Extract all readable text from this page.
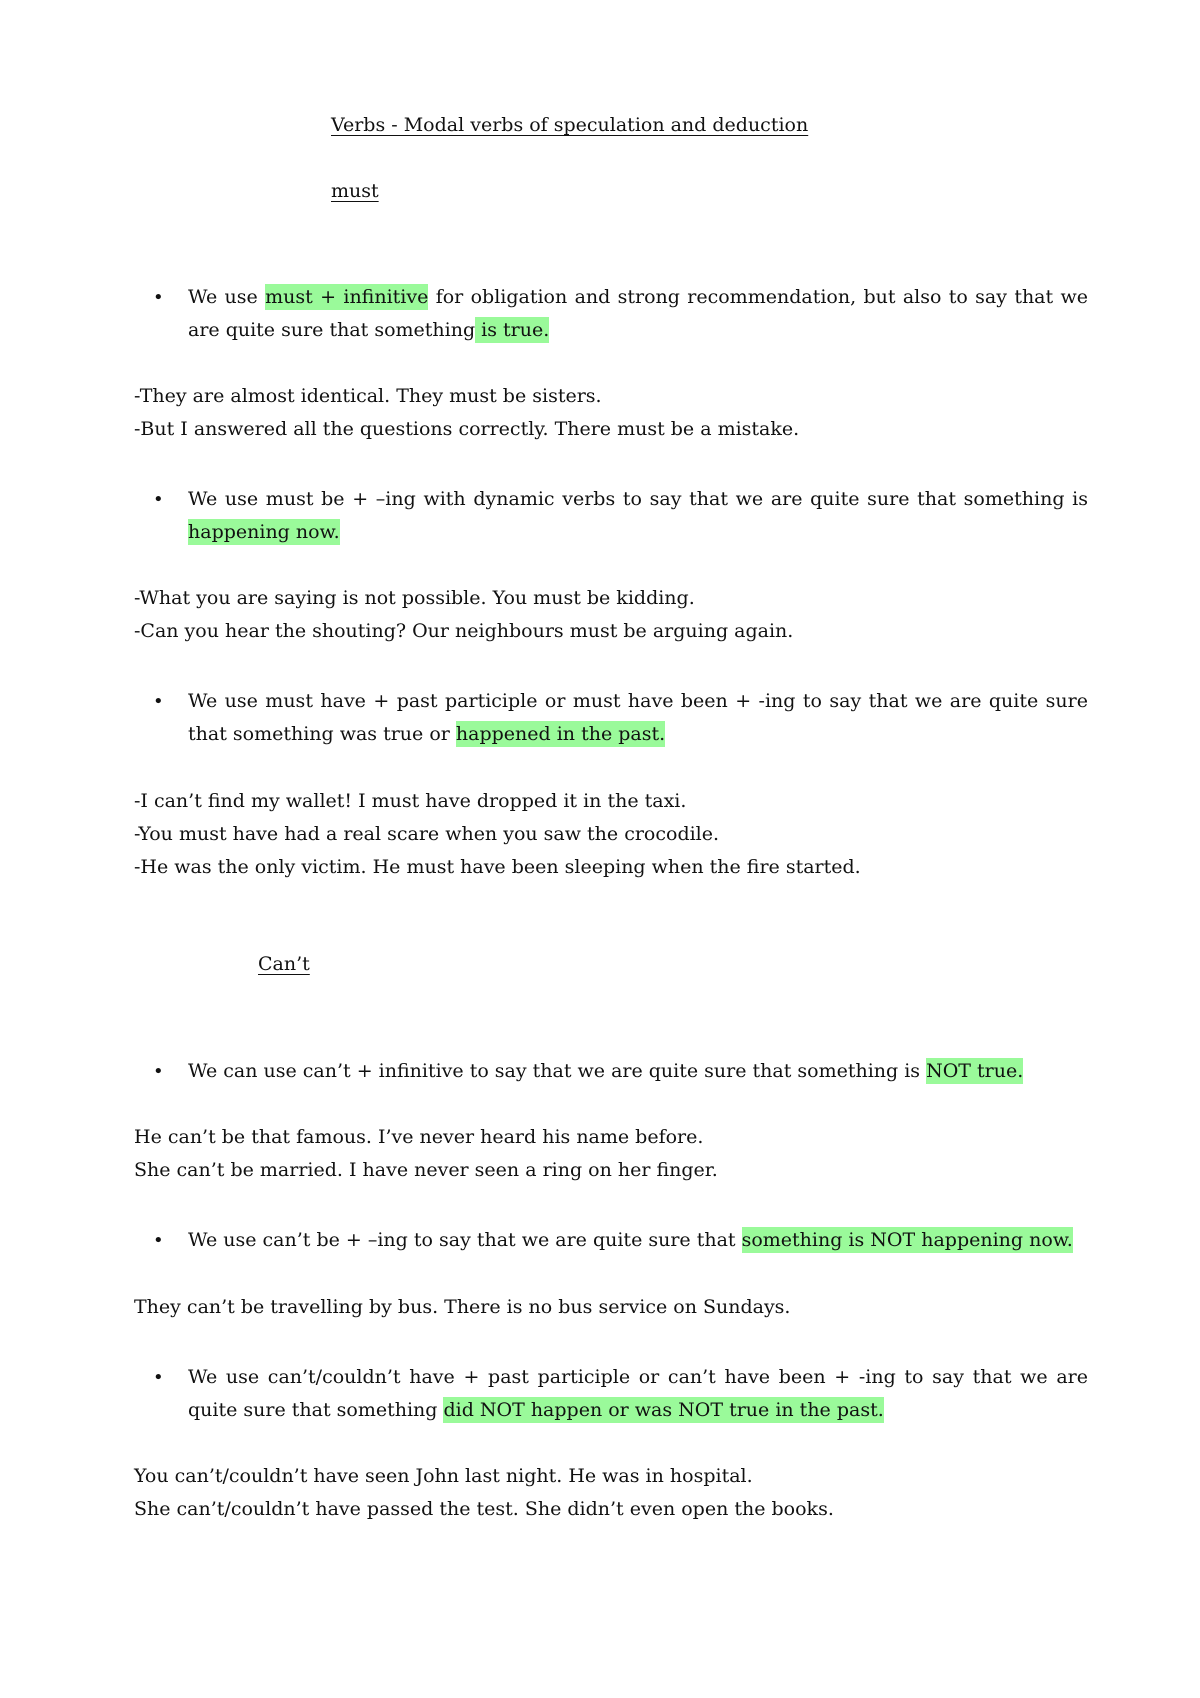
Verbs - Modal verbs of speculation and deduction
must
• We use must + infinitive for obligation and strong recommendation, but also to say that we are quite sure that something is true.
-They are almost identical. They must be sisters.
-But I answered all the questions correctly. There must be a mistake.
• We use must be + –ing with dynamic verbs to say that we are quite sure that something is happening now.
-What you are saying is not possible. You must be kidding.
-Can you hear the shouting? Our neighbours must be arguing again.
• We use must have + past participle or must have been + -ing to say that we are quite sure that something was true or happened in the past.
-I can’t find my wallet! I must have dropped it in the taxi.
-You must have had a real scare when you saw the crocodile.
-He was the only victim. He must have been sleeping when the fire started.
Can’t
• We can use can’t + infinitive to say that we are quite sure that something is NOT true.
He can’t be that famous. I’ve never heard his name before.
She can’t be married. I have never seen a ring on her finger.
• We use can’t be + –ing to say that we are quite sure that something is NOT happening now.
They can’t be travelling by bus. There is no bus service on Sundays.
• We use can’t/couldn’t have + past participle or can’t have been + -ing to say that we are quite sure that something did NOT happen or was NOT true in the past.
You can’t/couldn’t have seen John last night. He was in hospital.
She can’t/couldn’t have passed the test. She didn’t even open the books.
